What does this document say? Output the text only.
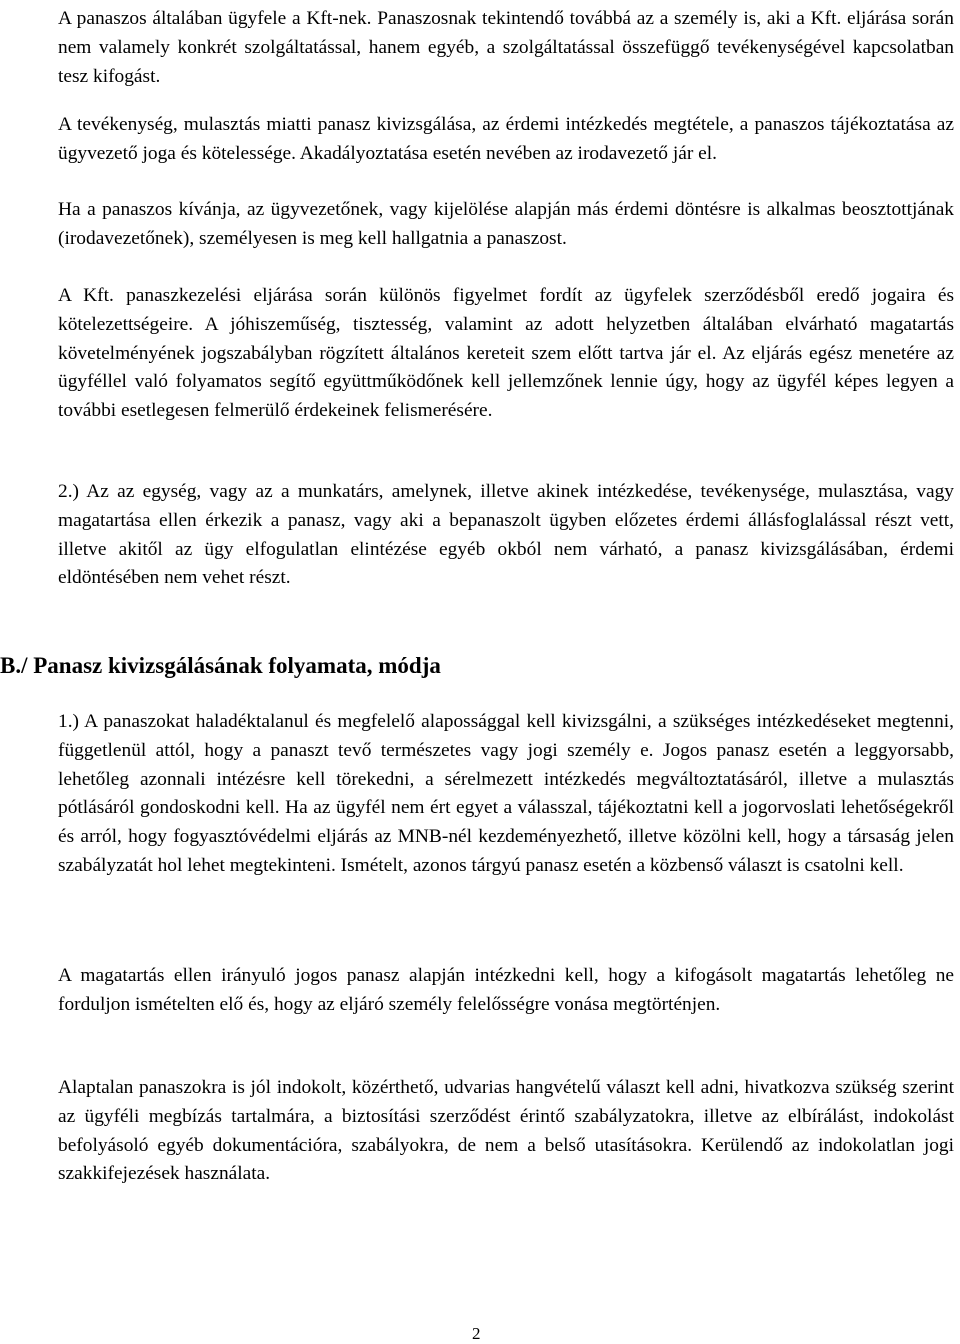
A panaszos általában ügyfele a Kft-nek. Panaszosnak tekintendő továbbá az a személy is, aki a Kft. eljárása során nem valamely konkrét szolgáltatással, hanem egyéb, a szolgáltatással összefüggő tevékenységével kapcsolatban tesz kifogást.

A tevékenység, mulasztás miatti panasz kivizsgálása, az érdemi intézkedés megtétele, a panaszos tájékoztatása az ügyvezető joga és kötelessége. Akadályoztatása esetén nevében az irodavezető jár el.

Ha a panaszos kívánja, az ügyvezetőnek, vagy kijelölése alapján más érdemi döntésre is alkalmas beosztottjának (irodavezetőnek), személyesen is meg kell hallgatnia a panaszost.

A Kft. panaszkezelési eljárása során különös figyelmet fordít az ügyfelek szerződésből eredő jogaira és kötelezettségeire. A jóhiszeműség, tisztesség, valamint az adott helyzetben általában elvárható magatartás követelményének jogszabályban rögzített általános kereteit szem előtt tartva jár el. Az eljárás egész menetére az ügyféllel való folyamatos segítő együttműködőnek kell jellemzőnek lennie úgy, hogy az ügyfél képes legyen a további esetlegesen felmerülő érdekeinek felismerésére.

2.) Az az egység, vagy az a munkatárs, amelynek, illetve akinek intézkedése, tevékenysége, mulasztása, vagy magatartása ellen érkezik a panasz, vagy aki a bepanaszolt ügyben előzetes érdemi állásfoglalással részt vett, illetve akitől az ügy elfogulatlan elintézése egyéb okból nem várható, a panasz kivizsgálásában, érdemi eldöntésében nem vehet részt.

B./ Panasz kivizsgálásának folyamata, módja

1.) A panaszokat haladéktalanul és megfelelő alapossággal kell kivizsgálni, a szükséges intézkedéseket megtenni, függetlenül attól, hogy a panaszt tevő természetes vagy jogi személy e. Jogos panasz esetén a leggyorsabb, lehetőleg azonnali intézésre kell törekedni, a sérelmezett intézkedés megváltoztatásáról, illetve a mulasztás pótlásáról gondoskodni kell. Ha az ügyfél nem ért egyet a válasszal, tájékoztatni kell a jogorvoslati lehetőségekről és arról, hogy fogyasztóvédelmi eljárás az MNB-nél kezdeményezhető, illetve közölni kell, hogy a társaság jelen szabályzatát hol lehet megtekinteni. Ismételt, azonos tárgyú panasz esetén a közbenső választ is csatolni kell.

A magatartás ellen irányuló jogos panasz alapján intézkedni kell, hogy a kifogásolt magatartás lehetőleg ne forduljon ismételten elő és, hogy az eljáró személy felelősségre vonása megtörténjen.

Alaptalan panaszokra is jól indokolt, közérthető, udvarias hangvételű választ kell adni, hivatkozva szükség szerint az ügyféli megbízás tartalmára, a biztosítási szerződést érintő szabályzatokra, illetve az elbírálást, indokolást befolyásoló egyéb dokumentációra, szabályokra, de nem a belső utasításokra. Kerülendő az indokolatlan jogi szakkifejezések használata.

2
